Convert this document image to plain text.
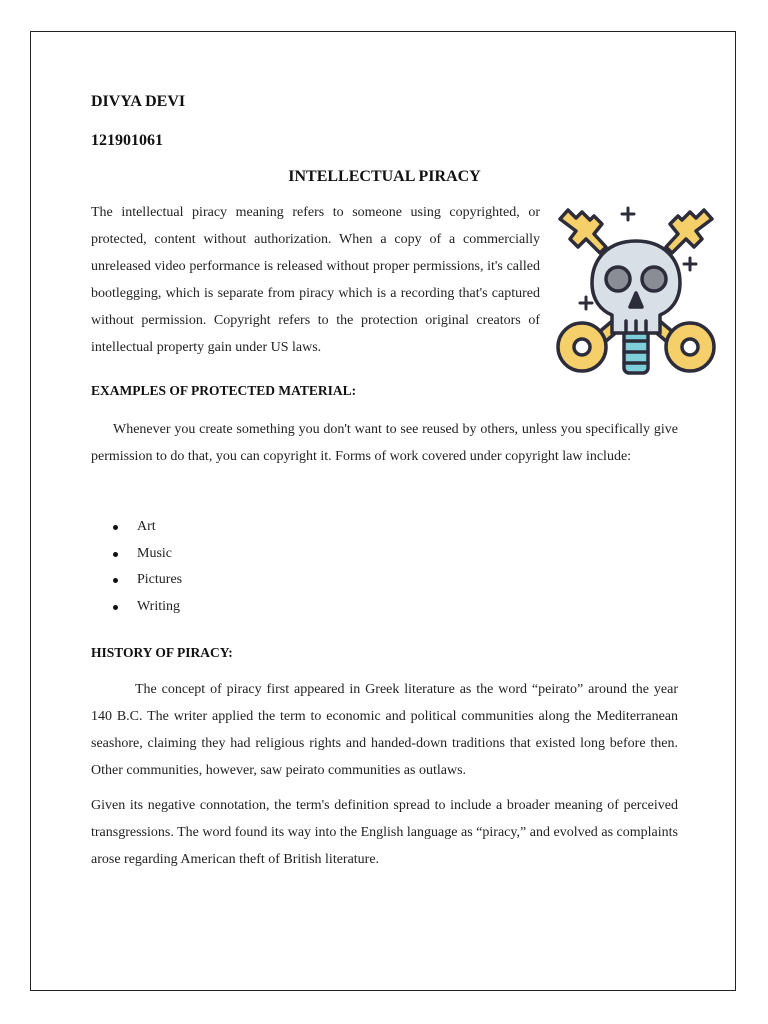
DIVYA DEVI
121901061
INTELLECTUAL PIRACY

The intellectual piracy meaning refers to someone using copyrighted, or protected, content without authorization. When a copy of a commercially unreleased video performance is released without proper permissions, it's called bootlegging, which is separate from piracy which is a recording that's captured without permission. Copyright refers to the protection original creators of intellectual property gain under US laws.

EXAMPLES OF PROTECTED MATERIAL:

Whenever you create something you don't want to see reused by others, unless you specifically give permission to do that, you can copyright it. Forms of work covered under copyright law include:

Art
Music
Pictures
Writing
HISTORY OF PIRACY:

The concept of piracy first appeared in Greek literature as the word “peirato” around the year 140 B.C. The writer applied the term to economic and political communities along the Mediterranean seashore, claiming they had religious rights and handed-down traditions that existed long before then. Other communities, however, saw peirato communities as outlaws.

Given its negative connotation, the term's definition spread to include a broader meaning of perceived transgressions. The word found its way into the English language as “piracy,” and evolved as complaints arose regarding American theft of British literature.
